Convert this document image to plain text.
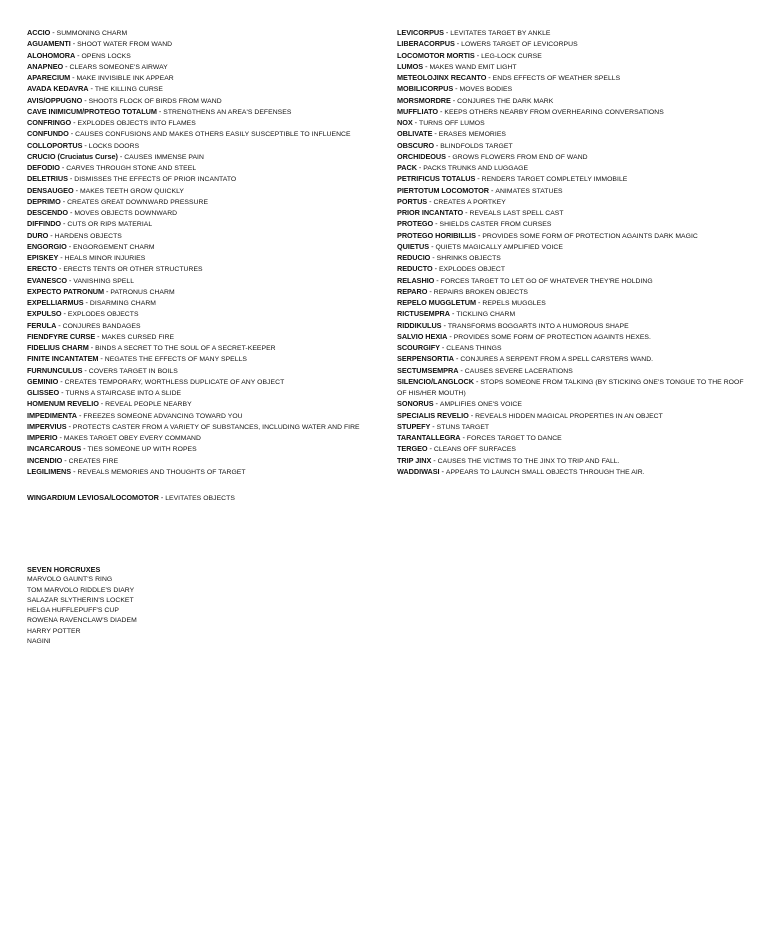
ACCIO - SUMMONING CHARM
AGUAMENTI - SHOOT WATER FROM WAND
ALOHOMORA - OPENS LOCKS
ANAPNEO - CLEARS SOMEONE'S AIRWAY
APARECIUM - MAKE INVISIBLE INK APPEAR
AVADA KEDAVRA - THE KILLING CURSE
AVIS/OPPUGNO - SHOOTS FLOCK OF BIRDS FROM WAND
CAVE INIMICUM/PROTEGO TOTALUM - STRENGTHENS AN AREA'S DEFENSES
CONFRINGO - EXPLODES OBJECTS INTO FLAMES
CONFUNDO - CAUSES CONFUSIONS AND MAKES OTHERS EASILY SUSCEPTIBLE TO INFLUENCE
COLLOPORTUS - LOCKS DOORS
CRUCIO (Cruciatus Curse) - CAUSES IMMENSE PAIN
DEFODIO - CARVES THROUGH STONE AND STEEL
DELETRIUS - DISMISSES THE EFFECTS OF PRIOR INCANTATO
DENSAUGEO - MAKES TEETH GROW QUICKLY
DEPRIMO - CREATES GREAT DOWNWARD PRESSURE
DESCENDO - MOVES OBJECTS DOWNWARD
DIFFINDO - CUTS OR RIPS MATERIAL
DURO - HARDENS OBJECTS
ENGORGIO - ENGORGEMENT CHARM
EPISKEY - HEALS MINOR INJURIES
ERECTO - ERECTS TENTS OR OTHER STRUCTURES
EVANESCO - VANISHING SPELL
EXPECTO PATRONUM - PATRONUS CHARM
EXPELLIARMUS - DISARMING CHARM
EXPULSO - EXPLODES OBJECTS
FERULA - CONJURES BANDAGES
FIENDFYRE CURSE - MAKES CURSED FIRE
FIDELIUS CHARM - BINDS A SECRET TO THE SOUL OF A SECRET-KEEPER
FINITE INCANTATEM - NEGATES THE EFFECTS OF MANY SPELLS
FURNUNCULUS - COVERS TARGET IN BOILS
GEMINIO - CREATES TEMPORARY, WORTHLESS DUPLICATE OF ANY OBJECT
GLISSEO - TURNS A STAIRCASE INTO A SLIDE
HOMENUM REVELIO - REVEAL PEOPLE NEARBY
IMPEDIMENTA - FREEZES SOMEONE ADVANCING TOWARD YOU
IMPERVIUS - PROTECTS CASTER FROM A VARIETY OF SUBSTANCES, INCLUDING WATER AND FIRE
IMPERIO - MAKES TARGET OBEY EVERY COMMAND
INCARCAROUS - TIES SOMEONE UP WITH ROPES
INCENDIO - CREATES FIRE
LEGILIMENS - REVEALS MEMORIES AND THOUGHTS OF TARGET
LEVICORPUS - LEVITATES TARGET BY ANKLE
LIBERACORPUS - LOWERS TARGET OF LEVICORPUS
LOCOMOTOR MORTIS - LEG-LOCK CURSE
LUMOS - MAKES WAND EMIT LIGHT
METEOLOJINX RECANTO - ENDS EFFECTS OF WEATHER SPELLS
MOBILICORPUS - MOVES BODIES
MORSMORDRE - CONJURES THE DARK MARK
MUFFLIATO - KEEPS OTHERS NEARBY FROM OVERHEARING CONVERSATIONS
NOX - TURNS OFF LUMOS
OBLIVATE - ERASES MEMORIES
OBSCURO - BLINDFOLDS TARGET
ORCHIDEOUS - GROWS FLOWERS FROM END OF WAND
PACK - PACKS TRUNKS AND LUGGAGE
PETRIFICUS TOTALUS - RENDERS TARGET COMPLETELY IMMOBILE
PIERTOTUM LOCOMOTOR - ANIMATES STATUES
PORTUS - CREATES A PORTKEY
PRIOR INCANTATO - REVEALS LAST SPELL CAST
PROTEGO - SHIELDS CASTER FROM CURSES
PROTEGO HORIBILLIS - PROVIDES SOME FORM OF PROTECTION AGAINTS DARK MAGIC
QUIETUS - QUIETS MAGICALLY AMPLIFIED VOICE
REDUCIO - SHRINKS OBJECTS
REDUCTO - EXPLODES OBJECT
RELASHIO - FORCES TARGET TO LET GO OF WHATEVER THEY'RE HOLDING
REPARO - REPAIRS BROKEN OBJECTS
REPELO MUGGLETUM - REPELS MUGGLES
RICTUSEMPRA - TICKLING CHARM
RIDDIKULUS - TRANSFORMS BOGGARTS INTO A HUMOROUS SHAPE
SALVIO HEXIA - PROVIDES SOME FORM OF PROTECTION AGAINTS HEXES.
SCOURGIFY - CLEANS THINGS
SERPENSORTIA - CONJURES A SERPENT FROM A SPELL CARSTERS WAND.
SECTUMSEMPRA - CAUSES SEVERE LACERATIONS
SILENCIO/LANGLOCK - STOPS SOMEONE FROM TALKING (BY STICKING ONE'S TONGUE TO THE ROOF OF HIS/HER MOUTH)
SONORUS - AMPLIFIES ONE'S VOICE
SPECIALIS REVELIO - REVEALS HIDDEN MAGICAL PROPERTIES IN AN OBJECT
STUPEFY - STUNS TARGET
TARANTALLEGRA - FORCES TARGET TO DANCE
TERGEO - CLEANS OFF SURFACES
TRIP JINX - CAUSES THE VICTIMS TO THE JINX TO TRIP AND FALL.
WADDIWASI - APPEARS TO LAUNCH SMALL OBJECTS THROUGH THE AIR.
WINGARDIUM LEVIOSA/LOCOMOTOR - LEVITATES OBJECTS
SEVEN HORCRUXES
MARVOLO GAUNT'S RING
TOM MARVOLO RIDDLE'S DIARY
SALAZAR SLYTHERIN'S LOCKET
HELGA HUFFLEPUFF'S CUP
ROWENA RAVENCLAW'S DIADEM
HARRY POTTER
NAGINI
